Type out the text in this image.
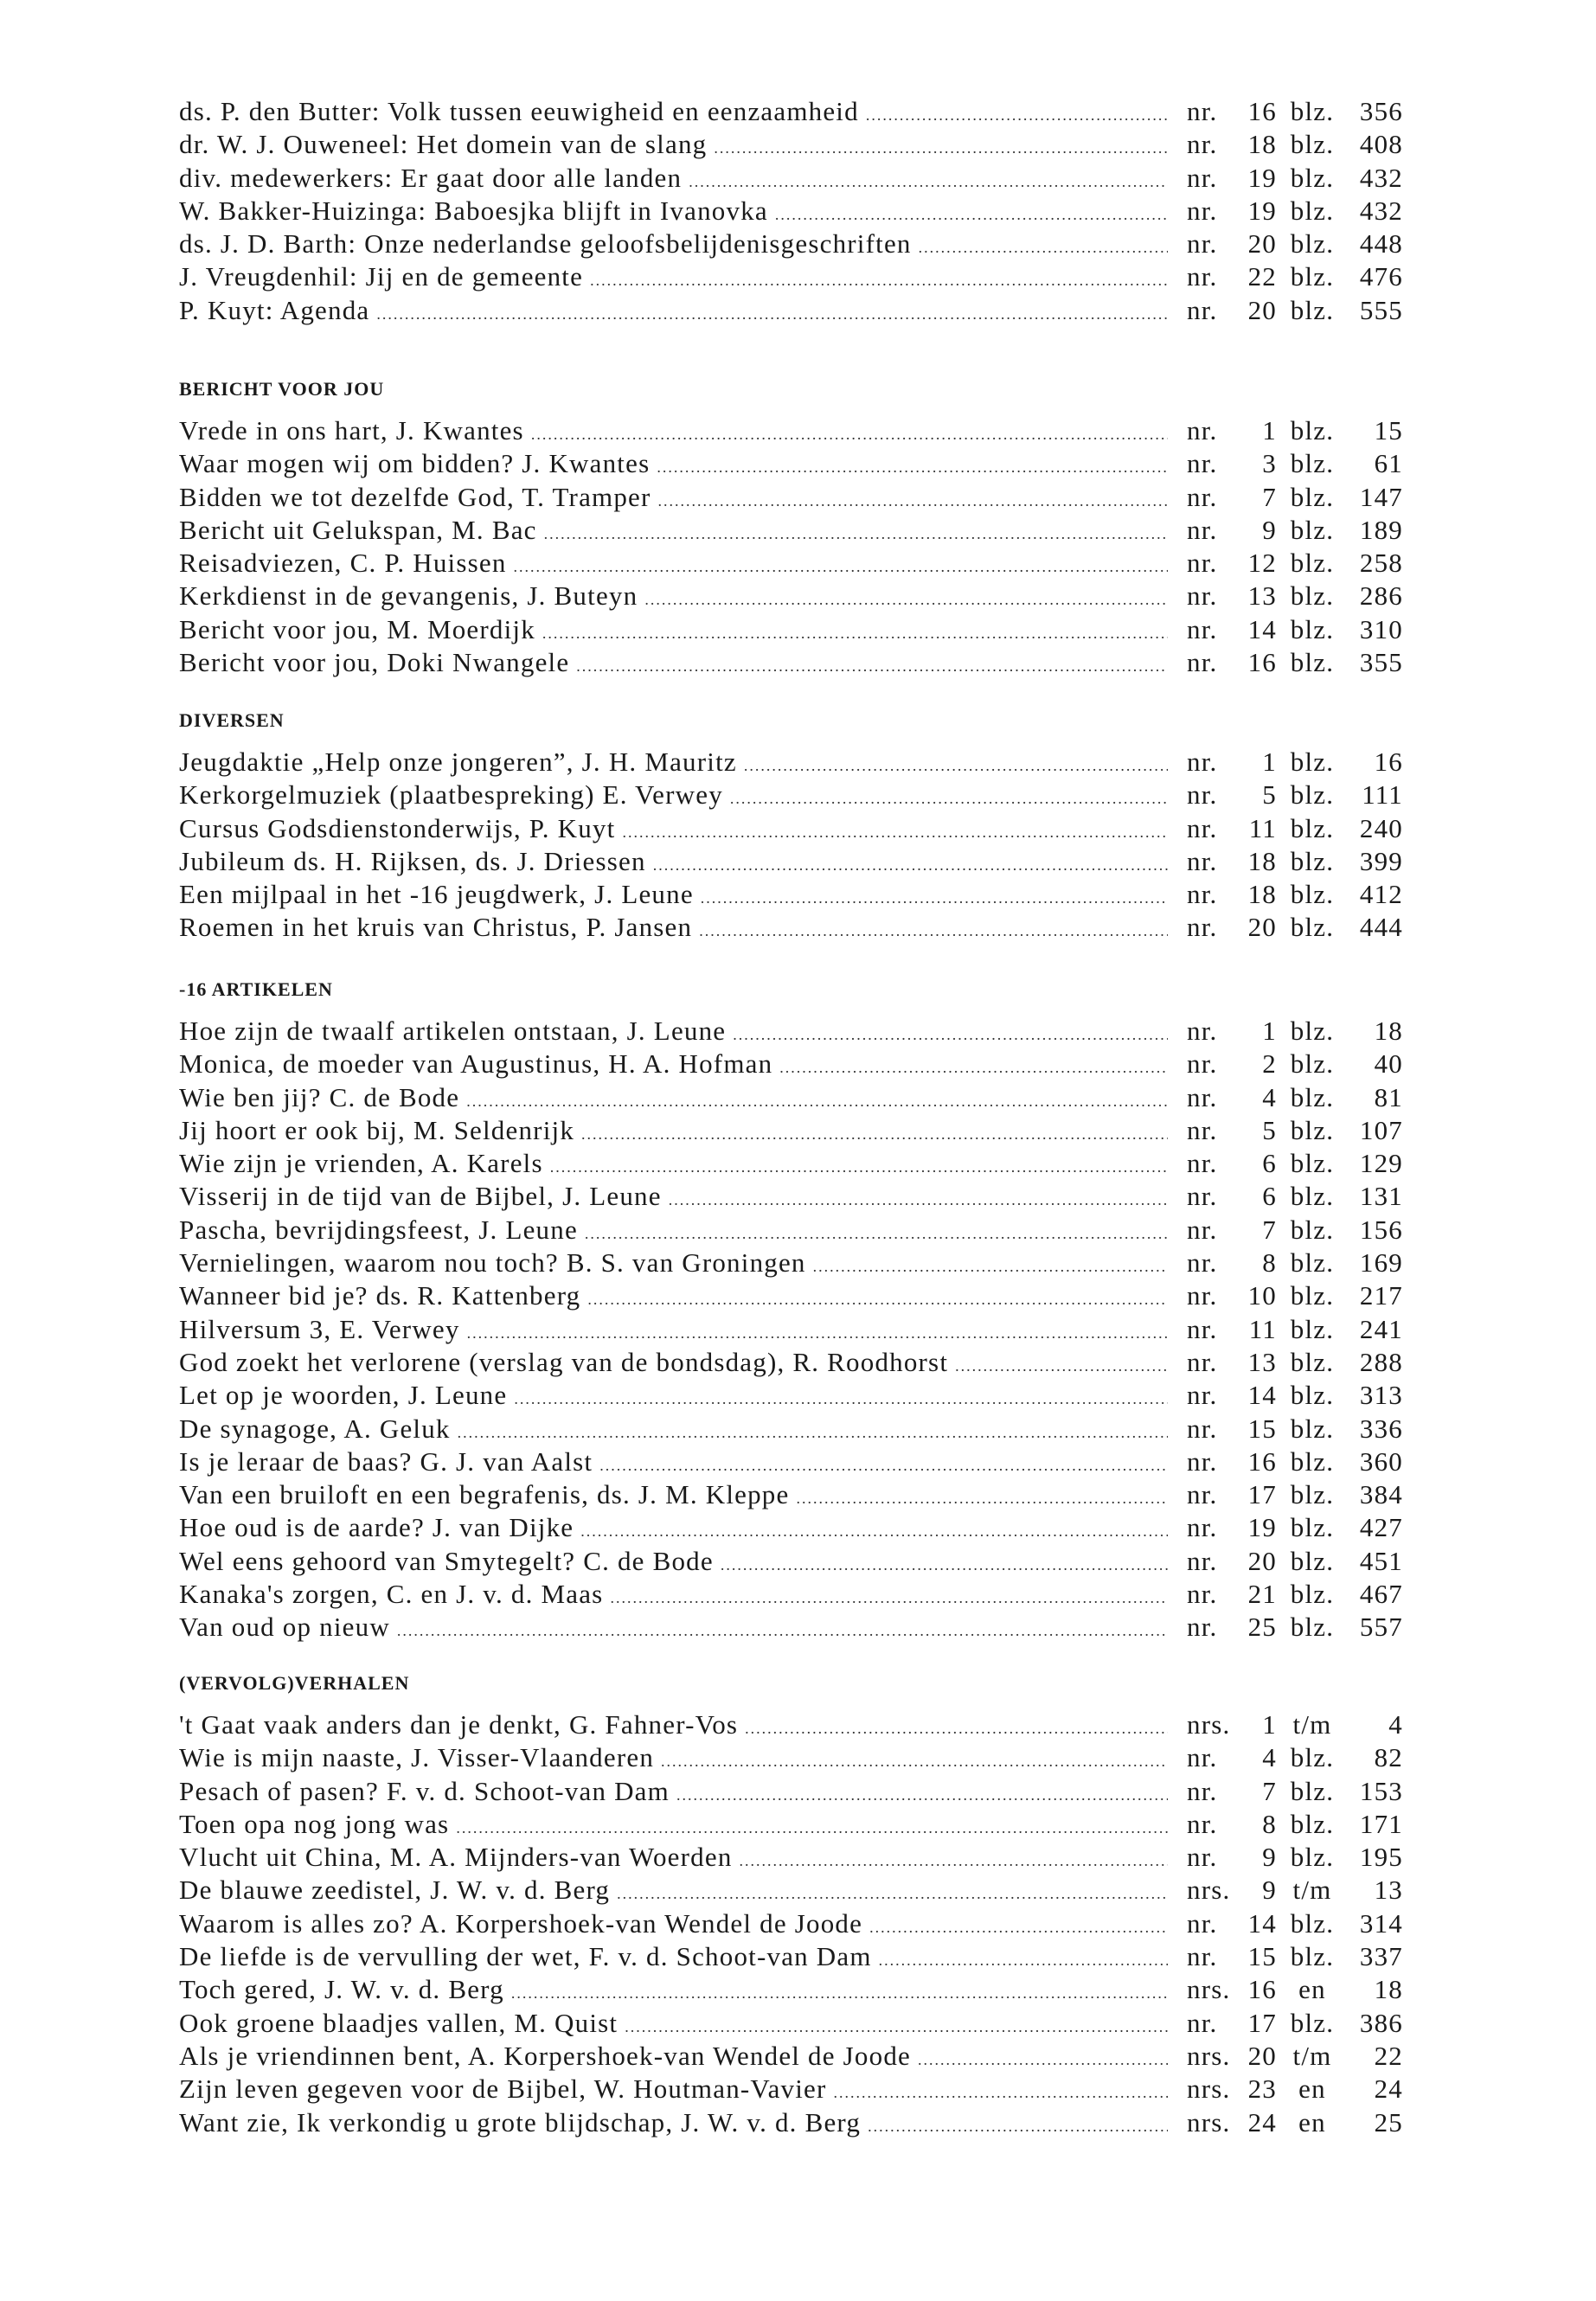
ds. P. den Butter: Volk tussen eeuwigheid en eenzaamheid .....	nr.	16 blz. 356
dr. W. J. Ouweneel: Het domein van de slang .....	nr.	18 blz. 408
div. medewerkers: Er gaat door alle landen .....	nr.	19 blz. 432
W. Bakker-Huizinga: Baboesjka blijft in Ivanovka .....	nr.	19 blz. 432
ds. J. D. Barth: Onze nederlandse geloofsbelijdenisgeschriften .....	nr.	20 blz. 448
J. Vreugdenhil: Jij en de gemeente .....	nr.	22 blz. 476
P. Kuyt: Agenda .....	nr.	20 blz. 555
BERICHT VOOR JOU
Vrede in ons hart, J. Kwantes .....	nr.	1 blz.	15
Waar mogen wij om bidden? J. Kwantes .....	nr.	3 blz.	61
Bidden we tot dezelfde God, T. Tramper .....	nr.	7 blz. 147
Bericht uit Gelukspan, M. Bac .....	nr.	9 blz. 189
Reisadviezen, C. P. Huissen .....	nr.	12 blz. 258
Kerkdienst in de gevangenis, J. Buteyn .....	nr.	13 blz. 286
Bericht voor jou, M. Moerdijk .....	nr.	14 blz. 310
Bericht voor jou, Doki Nwangele .....	nr.	16 blz. 355
DIVERSEN
Jeugdaktie „Help onze jongeren”, J. H. Mauritz .....	nr.	1 blz.	16
Kerkorgelmuziek (plaatbespreking) E. Verwey .....	nr.	5 blz.	111
Cursus Godsdienstonderwijs, P. Kuyt .....	nr.	11 blz. 240
Jubileum ds. H. Rijksen, ds. J. Driessen .....	nr.	18 blz. 399
Een mijlpaal in het -16 jeugdwerk, J. Leune .....	nr.	18 blz. 412
Roemen in het kruis van Christus, P. Jansen .....	nr.	20 blz. 444
-16 ARTIKELEN
Hoe zijn de twaalf artikelen ontstaan, J. Leune .....	nr.	1 blz.	18
Monica, de moeder van Augustinus, H. A. Hofman .....	nr.	2 blz.	40
Wie ben jij? C. de Bode .....	nr.	4 blz.	81
Jij hoort er ook bij, M. Seldenrijk .....	nr.	5 blz. 107
Wie zijn je vrienden, A. Karels .....	nr.	6 blz. 129
Visserij in de tijd van de Bijbel, J. Leune .....	nr.	6 blz. 131
Pascha, bevrijdingsfeest, J. Leune .....	nr.	7 blz. 156
Vernielingen, waarom nou toch? B. S. van Groningen .....	nr.	8 blz. 169
Wanneer bid je? ds. R. Kattenberg .....	nr.	10 blz. 217
Hilversum 3, E. Verwey .....	nr.	11 blz. 241
God zoekt het verlorene (verslag van de bondsdag), R. Roodhorst .....	nr.	13 blz. 288
Let op je woorden, J. Leune .....	nr.	14 blz. 313
De synagoge, A. Geluk .....	nr.	15 blz. 336
Is je leraar de baas? G. J. van Aalst .....	nr.	16 blz. 360
Van een bruiloft en een begrafenis, ds. J. M. Kleppe .....	nr.	17 blz. 384
Hoe oud is de aarde? J. van Dijke .....	nr.	19 blz. 427
Wel eens gehoord van Smytegelt? C. de Bode .....	nr.	20 blz. 451
Kanaka's zorgen, C. en J. v. d. Maas .....	nr.	21 blz. 467
Van oud op nieuw .....	nr.	25 blz. 557
(VERVOLG)VERHALEN
't Gaat vaak anders dan je denkt, G. Fahner-Vos .....	nrs.	1 t/m	4
Wie is mijn naaste, J. Visser-Vlaanderen .....	nr.	4 blz.	82
Pesach of pasen? F. v. d. Schoot-van Dam .....	nr.	7 blz. 153
Toen opa nog jong was .....	nr.	8 blz. 171
Vlucht uit China, M. A. Mijnders-van Woerden .....	nr.	9 blz. 195
De blauwe zeedistel, J. W. v. d. Berg .....	nrs.	9 t/m	13
Waarom is alles zo? A. Korpershoek-van Wendel de Joode .....	nr.	14 blz. 314
De liefde is de vervulling der wet, F. v. d. Schoot-van Dam .....	nr.	15 blz. 337
Toch gered, J. W. v. d. Berg .....	nrs. 16 en	18
Ook groene blaadjes vallen, M. Quist .....	nr.	17 blz. 386
Als je vriendinnen bent, A. Korpershoek-van Wendel de Joode .....	nrs. 20 t/m	22
Zijn leven gegeven voor de Bijbel, W. Houtman-Vavier .....	nrs. 23 en	24
Want zie, Ik verkondig u grote blijdschap, J. W. v. d. Berg .....	nrs. 24 en	25
